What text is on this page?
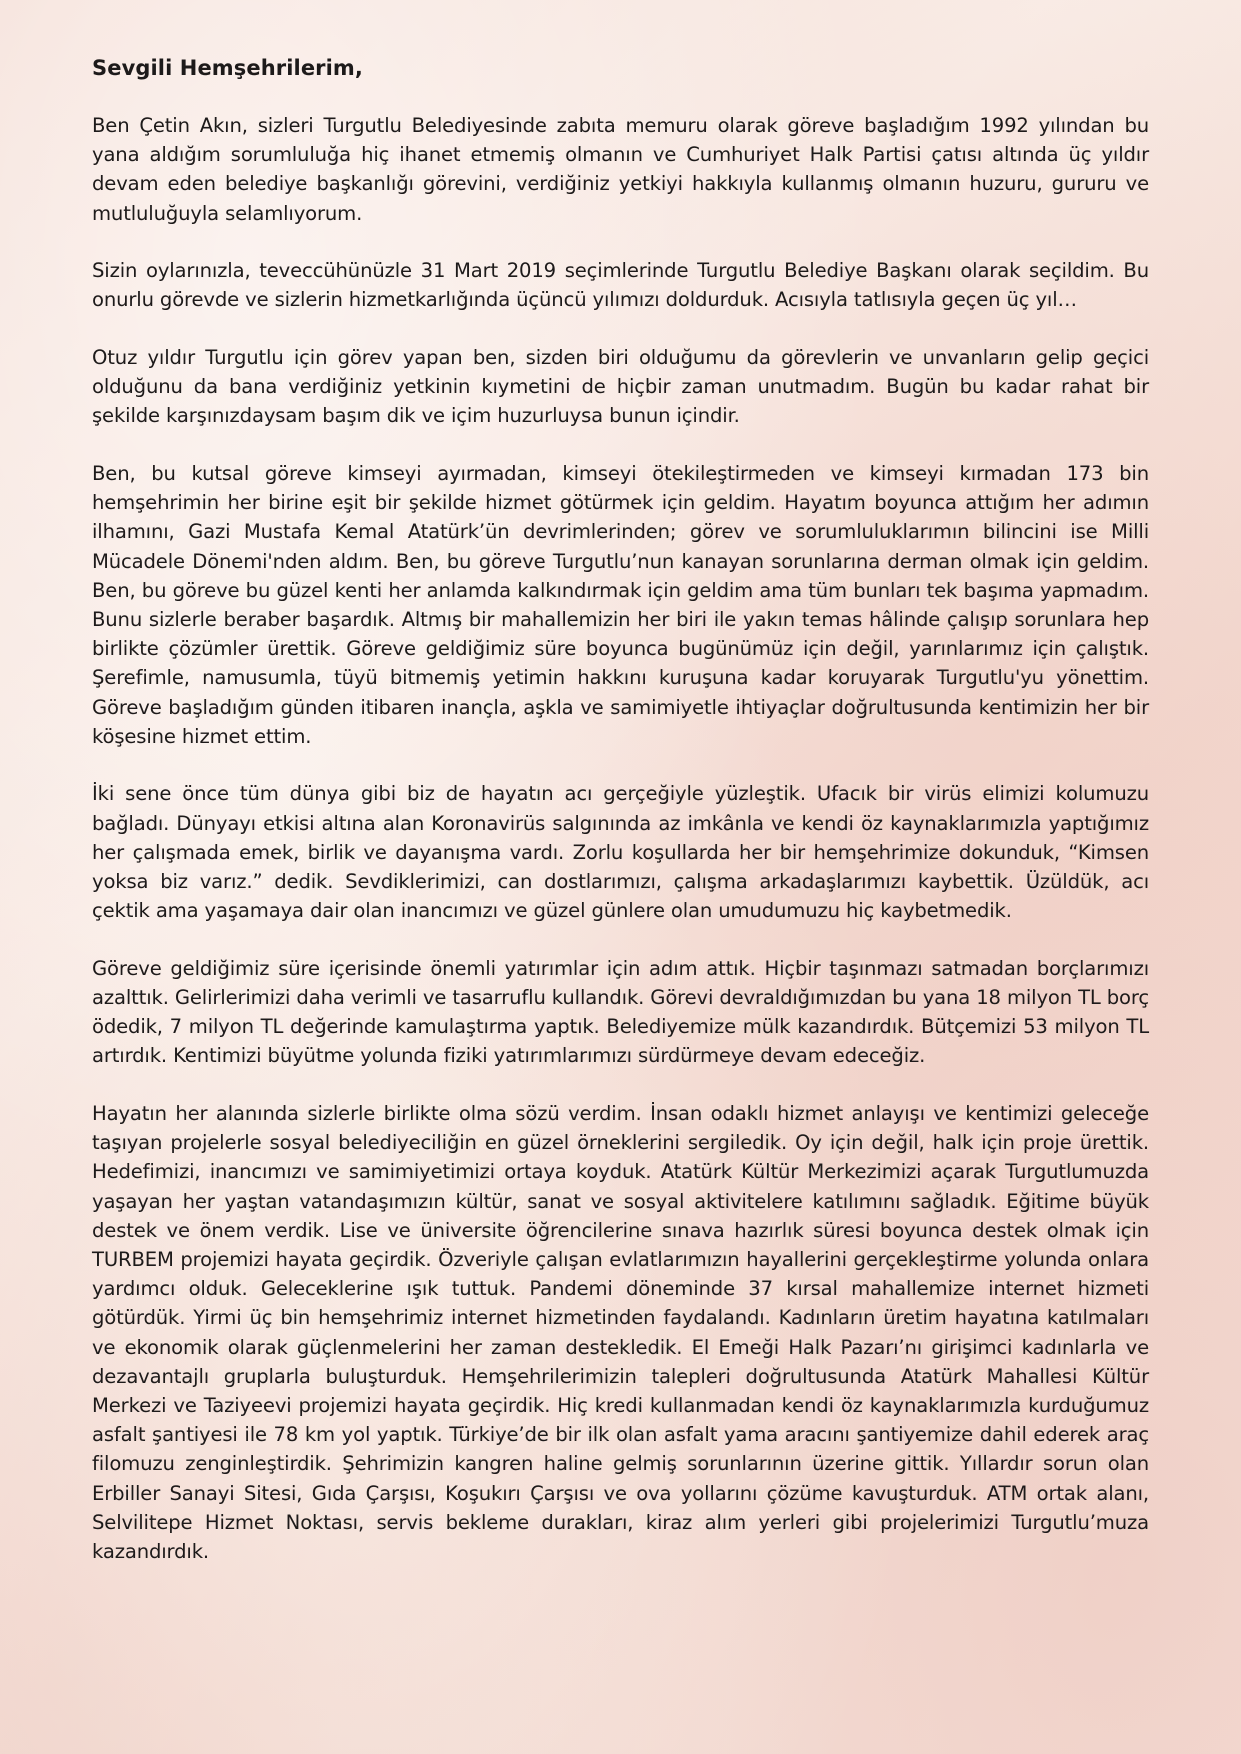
Sevgili Hemşehrilerim,

Ben Çetin Akın, sizleri Turgutlu Belediyesinde zabıta memuru olarak göreve başladığım 1992 yılından bu yana aldığım sorumluluğa hiç ihanet etmemiş olmanın ve Cumhuriyet Halk Partisi çatısı altında üç yıldır devam eden belediye başkanlığı görevini, verdiğiniz yetkiyi hakkıyla kullanmış olmanın huzuru, gururu ve mutluluğuyla selamlıyorum.

Sizin oylarınızla, teveccühünüzle 31 Mart 2019 seçimlerinde Turgutlu Belediye Başkanı olarak seçildim. Bu onurlu görevde ve sizlerin hizmetkarlığında üçüncü yılımızı doldurduk. Acısıyla tatlısıyla geçen üç yıl…

Otuz yıldır Turgutlu için görev yapan ben, sizden biri olduğumu da görevlerin ve unvanların gelip geçici olduğunu da bana verdiğiniz yetkinin kıymetini de hiçbir zaman unutmadım. Bugün bu kadar rahat bir şekilde karşınızdaysam başım dik ve içim huzurluysa bunun içindir.

Ben, bu kutsal göreve kimseyi ayırmadan, kimseyi ötekileştirmeden ve kimseyi kırmadan 173 bin hemşehrimin her birine eşit bir şekilde hizmet götürmek için geldim. Hayatım boyunca attığım her adımın ilhamını, Gazi Mustafa Kemal Atatürk’ün devrimlerinden; görev ve sorumluluklarımın bilincini ise Milli Mücadele Dönemi'nden aldım. Ben, bu göreve Turgutlu’nun kanayan sorunlarına derman olmak için geldim. Ben, bu göreve bu güzel kenti her anlamda kalkındırmak için geldim ama tüm bunları tek başıma yapmadım. Bunu sizlerle beraber başardık. Altmış bir mahallemizin her biri ile yakın temas hâlinde çalışıp sorunlara hep birlikte çözümler ürettik. Göreve geldiğimiz süre boyunca bugünümüz için değil, yarınlarımız için çalıştık. Şerefimle, namusumla, tüyü bitmemiş yetimin hakkını kuruşuna kadar koruyarak Turgutlu'yu yönettim. Göreve başladığım günden itibaren inançla, aşkla ve samimiyetle ihtiyaçlar doğrultusunda kentimizin her bir köşesine hizmet ettim.

İki sene önce tüm dünya gibi biz de hayatın acı gerçeğiyle yüzleştik. Ufacık bir virüs elimizi kolumuzu bağladı. Dünyayı etkisi altına alan Koronavirüs salgınında az imkânla ve kendi öz kaynaklarımızla yaptığımız her çalışmada emek, birlik ve dayanışma vardı. Zorlu koşullarda her bir hemşehrimize dokunduk, “Kimsen yoksa biz varız.” dedik. Sevdiklerimizi, can dostlarımızı, çalışma arkadaşlarımızı kaybettik. Üzüldük, acı çektik ama yaşamaya dair olan inancımızı ve güzel günlere olan umudumuzu hiç kaybetmedik.

Göreve geldiğimiz süre içerisinde önemli yatırımlar için adım attık. Hiçbir taşınmazı satmadan borçlarımızı azalttık. Gelirlerimizi daha verimli ve tasarruflu kullandık. Görevi devraldığımızdan bu yana 18 milyon TL borç ödedik, 7 milyon TL değerinde kamulaştırma yaptık. Belediyemize mülk kazandırdık. Bütçemizi 53 milyon TL artırdık. Kentimizi büyütme yolunda fiziki yatırımlarımızı sürdürmeye devam edeceğiz.

Hayatın her alanında sizlerle birlikte olma sözü verdim. İnsan odaklı hizmet anlayışı ve kentimizi geleceğe taşıyan projelerle sosyal belediyeciliğin en güzel örneklerini sergiledik. Oy için değil, halk için proje ürettik. Hedefimizi, inancımızı ve samimiyetimizi ortaya koyduk. Atatürk Kültür Merkezimizi açarak Turgutlumuzda yaşayan her yaştan vatandaşımızın kültür, sanat ve sosyal aktivitelere katılımını sağladık. Eğitime büyük destek ve önem verdik. Lise ve üniversite öğrencilerine sınava hazırlık süresi boyunca destek olmak için TURBEM projemizi hayata geçirdik. Özveriyle çalışan evlatlarımızın hayallerini gerçekleştirme yolunda onlara yardımcı olduk. Geleceklerine ışık tuttuk. Pandemi döneminde 37 kırsal mahallemize internet hizmeti götürdük. Yirmi üç bin hemşehrimiz internet hizmetinden faydalandı. Kadınların üretim hayatına katılmaları ve ekonomik olarak güçlenmelerini her zaman destekledik. El Emeği Halk Pazarı’nı girişimci kadınlarla ve dezavantajlı gruplarla buluşturduk. Hemşehrilerimizin talepleri doğrultusunda Atatürk Mahallesi Kültür Merkezi ve Taziyeevi projemizi hayata geçirdik. Hiç kredi kullanmadan kendi öz kaynaklarımızla kurduğumuz asfalt şantiyesi ile 78 km yol yaptık. Türkiye’de bir ilk olan asfalt yama aracını şantiyemize dahil ederek araç filomuzu zenginleştirdik. Şehrimizin kangren haline gelmiş sorunlarının üzerine gittik. Yıllardır sorun olan Erbiller Sanayi Sitesi, Gıda Çarşısı, Koşukırı Çarşısı ve ova yollarını çözüme kavuşturduk. ATM ortak alanı, Selvilitepe Hizmet Noktası, servis bekleme durakları, kiraz alım yerleri gibi projelerimizi Turgutlu’muza kazandırdık.
